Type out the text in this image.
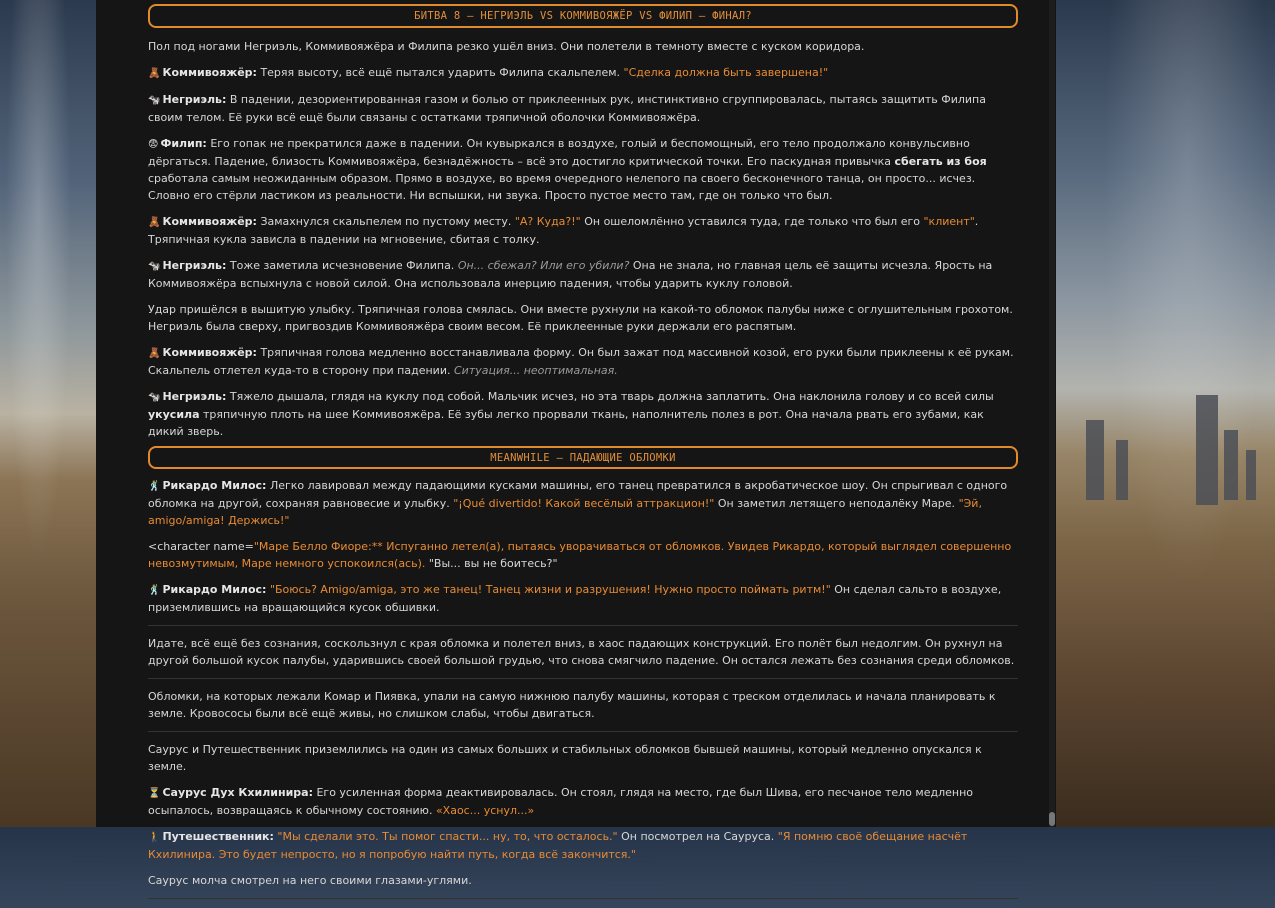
БИТВА 8 – НЕГРИЭЛЬ VS КОММИВОЯЖЁР VS ФИЛИП – ФИНАЛ?

Пол под ногами Негриэль, Коммивояжёра и Филипа резко ушёл вниз. Они полетели в темноту вместе с куском коридора.

🧸 Коммивояжёр: Теряя высоту, всё ещё пытался ударить Филипа скальпелем. "Сделка должна быть завершена!"

🐄 Негриэль: В падении, дезориентированная газом и болью от приклеенных рук, инстинктивно сгруппировалась, пытаясь защитить Филипа своим телом. Её руки всё ещё были связаны с остатками тряпичной оболочки Коммивояжёра.

😨 Филип: Его гопак не прекратился даже в падении. Он кувыркался в воздухе, голый и беспомощный, его тело продолжало конвульсивно дёргаться. Падение, близость Коммивояжёра, безнадёжность – всё это достигло критической точки. Его паскудная привычка сбегать из боя сработала самым неожиданным образом. Прямо в воздухе, во время очередного нелепого па своего бесконечного танца, он просто... исчез. Словно его стёрли ластиком из реальности. Ни вспышки, ни звука. Просто пустое место там, где он только что был.

🧸 Коммивояжёр: Замахнулся скальпелем по пустому месту. "А? Куда?!" Он ошеломлённо уставился туда, где только что был его "клиент". Тряпичная кукла зависла в падении на мгновение, сбитая с толку.

🐄 Негриэль: Тоже заметила исчезновение Филипа. Он... сбежал? Или его убили? Она не знала, но главная цель её защиты исчезла. Ярость на Коммивояжёра вспыхнула с новой силой. Она использовала инерцию падения, чтобы ударить куклу головой.

Удар пришёлся в вышитую улыбку. Тряпичная голова смялась. Они вместе рухнули на какой-то обломок палубы ниже с оглушительным грохотом. Негриэль была сверху, пригвоздив Коммивояжёра своим весом. Её приклеенные руки держали его распятым.

🧸 Коммивояжёр: Тряпичная голова медленно восстанавливала форму. Он был зажат под массивной козой, его руки были приклеены к её рукам. Скальпель отлетел куда-то в сторону при падении. Ситуация... неоптимальная.

🐄 Негриэль: Тяжело дышала, глядя на куклу под собой. Мальчик исчез, но эта тварь должна заплатить. Она наклонила голову и со всей силы укусила тряпичную плоть на шее Коммивояжёра. Её зубы легко прорвали ткань, наполнитель полез в рот. Она начала рвать его зубами, как дикий зверь.

MEANWHILE – ПАДАЮЩИЕ ОБЛОМКИ

🕺 Рикардо Милос: Легко лавировал между падающими кусками машины, его танец превратился в акробатическое шоу. Он спрыгивал с одного обломка на другой, сохраняя равновесие и улыбку. "¡Qué divertido! Какой весёлый аттракцион!" Он заметил летящего неподалёку Маре. "Эй, amigo/amiga! Держись!"

<character name="Маре Белло Фиоре:** Испуганно летел(а), пытаясь уворачиваться от обломков. Увидев Рикардо, который выглядел совершенно невозмутимым, Маре немного успокоился(ась). "Вы... вы не боитесь?"

🕺 Рикардо Милос: "Боюсь? Amigo/amiga, это же танец! Танец жизни и разрушения! Нужно просто поймать ритм!" Он сделал сальто в воздухе, приземлившись на вращающийся кусок обшивки.

Идате, всё ещё без сознания, соскользнул с края обломка и полетел вниз, в хаос падающих конструкций. Его полёт был недолгим. Он рухнул на другой большой кусок палубы, ударившись своей большой грудью, что снова смягчило падение. Он остался лежать без сознания среди обломков.

Обломки, на которых лежали Комар и Пиявка, упали на самую нижнюю палубу машины, которая с треском отделилась и начала планировать к земле. Кровососы были всё ещё живы, но слишком слабы, чтобы двигаться.

Саурус и Путешественник приземлились на один из самых больших и стабильных обломков бывшей машины, который медленно опускался к земле.

⏳ Саурус Дух Кхилинира: Его усиленная форма деактивировалась. Он стоял, глядя на место, где был Шива, его песчаное тело медленно осыпалось, возвращаясь к обычному состоянию. «Хаос... уснул...»

🚶 Путешественник: "Мы сделали это. Ты помог спасти... ну, то, что осталось." Он посмотрел на Сауруса. "Я помню своё обещание насчёт Кхилинира. Это будет непросто, но я попробую найти путь, когда всё закончится."

Саурус молча смотрел на него своими глазами-углями.
